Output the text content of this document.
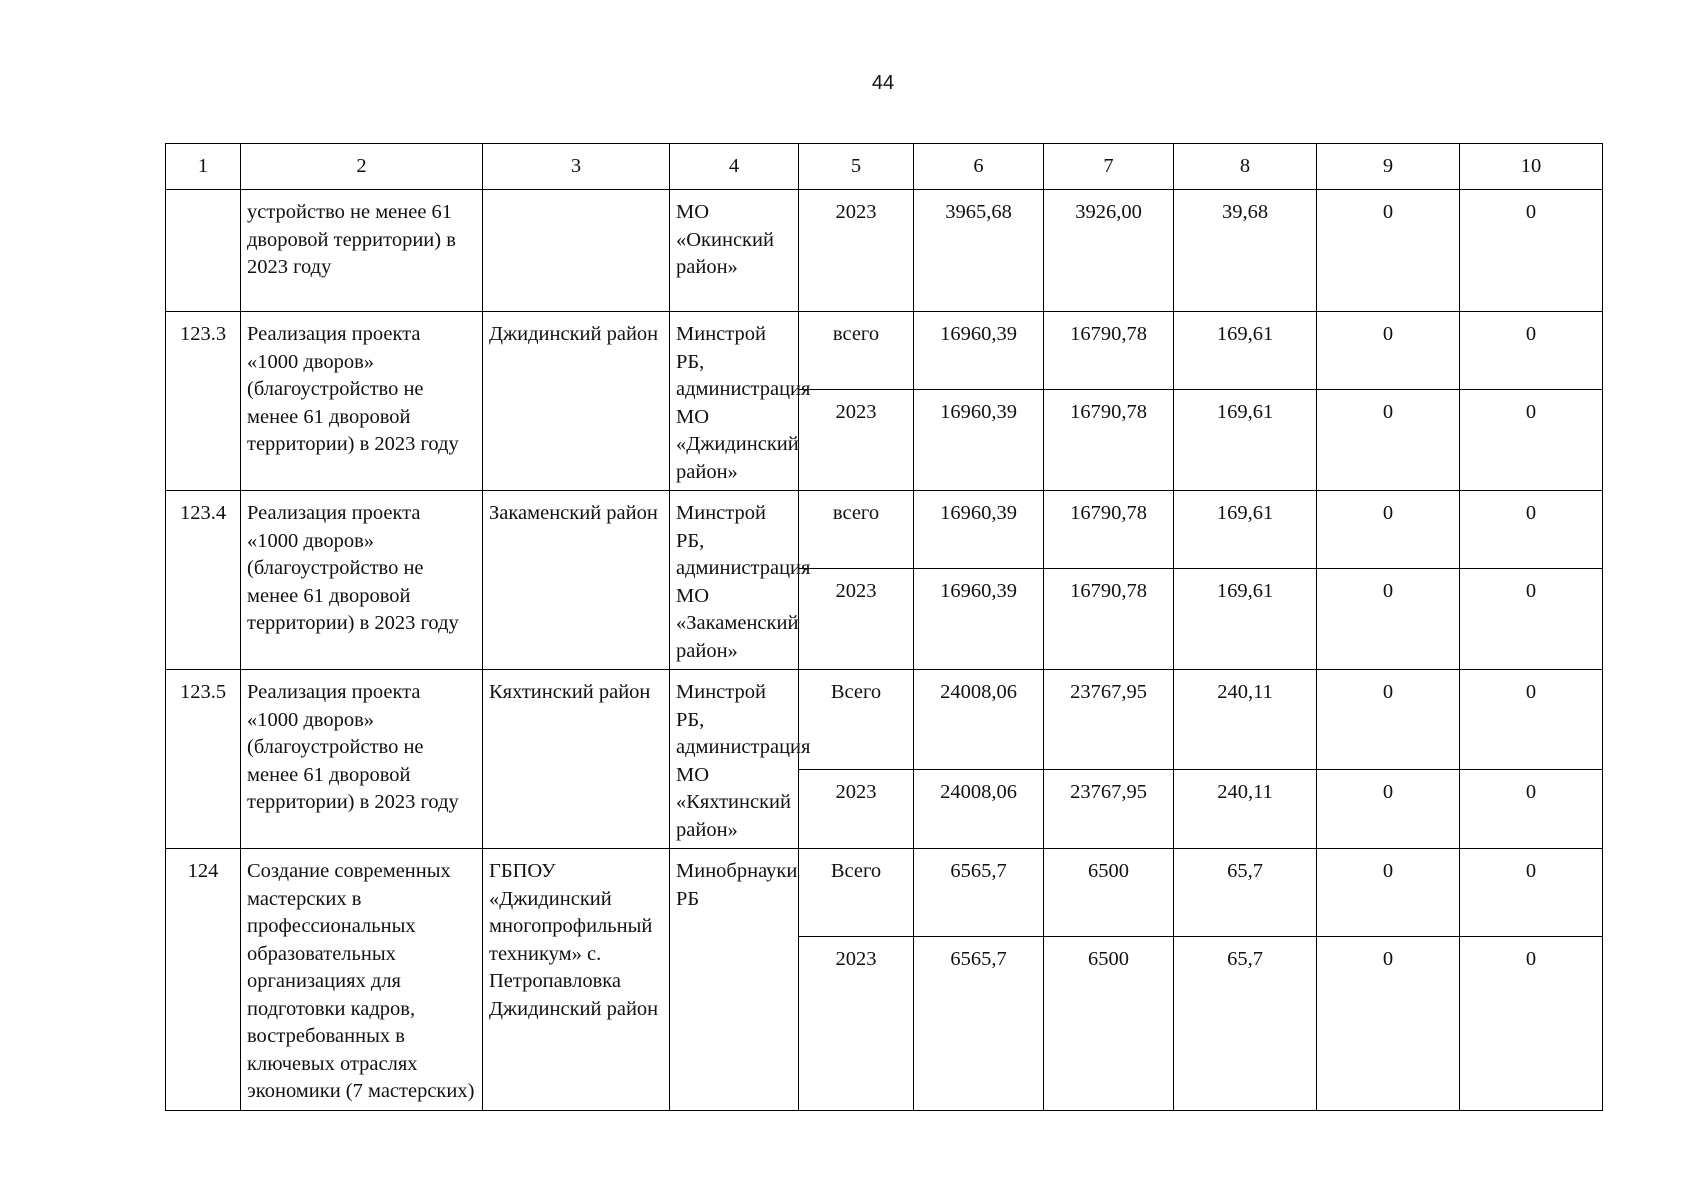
44
1	2	3	4	5	6	7	8	9	10
	устройство не менее 61 дворовой территории) в 2023 году		МО «Окинский район»	2023	3965,68	3926,00	39,68	0	0
123.3	Реализация проекта «1000 дворов» (благоустройство не менее 61 дворовой территории) в 2023 году	Джидинский район	Минстрой РБ, администрация МО «Джидинский район»	всего	16960,39	16790,78	169,61	0	0
				2023	16960,39	16790,78	169,61	0	0
123.4	Реализация проекта «1000 дворов» (благоустройство не менее 61 дворовой территории) в 2023 году	Закаменский район	Минстрой РБ, администрация МО «Закаменский район»	всего	16960,39	16790,78	169,61	0	0
				2023	16960,39	16790,78	169,61	0	0
123.5	Реализация проекта «1000 дворов» (благоустройство не менее 61 дворовой территории) в 2023 году	Кяхтинский район	Минстрой РБ, администрация МО «Кяхтинский район»	Всего	24008,06	23767,95	240,11	0	0
				2023	24008,06	23767,95	240,11	0	0
124	Создание современных мастерских в профессиональных образовательных организациях для подготовки кадров, востребованных в ключевых отраслях экономики (7 мастерских)	ГБПОУ «Джидинский многопрофильный техникум» с. Петропавловка Джидинский район	Минобрнауки РБ	Всего	6565,7	6500	65,7	0	0
				2023	6565,7	6500	65,7	0	0
